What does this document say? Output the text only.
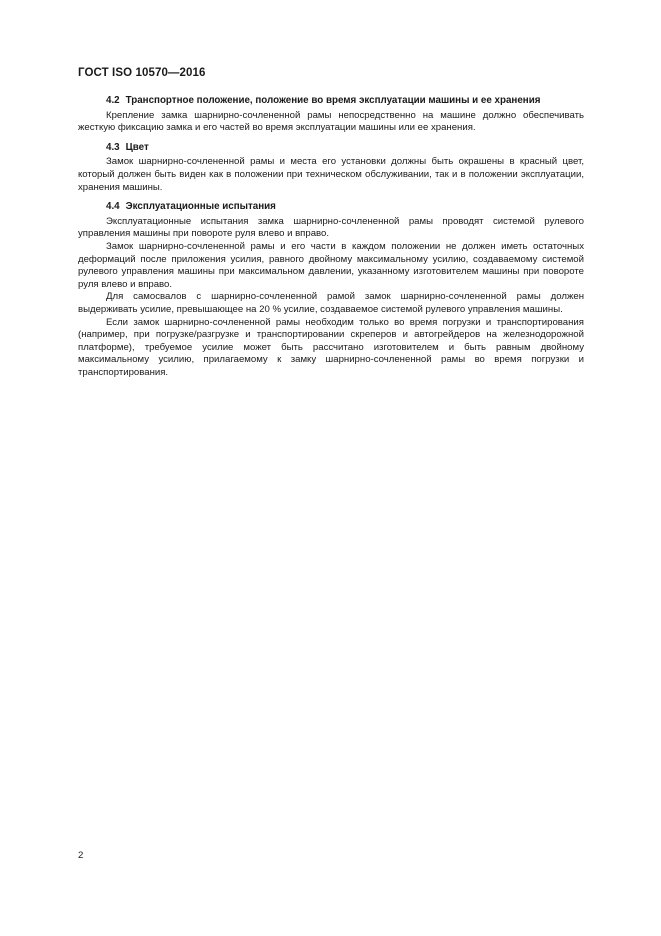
ГОСТ ISO 10570—2016

4.2 Транспортное положение, положение во время эксплуатации машины и ее хранения

Крепление замка шарнирно-сочлененной рамы непосредственно на машине должно обеспечивать жесткую фиксацию замка и его частей во время эксплуатации машины или ее хранения.

4.3 Цвет

Замок шарнирно-сочлененной рамы и места его установки должны быть окрашены в красный цвет, который должен быть виден как в положении при техническом обслуживании, так и в положении эксплуатации, хранения машины.

4.4 Эксплуатационные испытания

Эксплуатационные испытания замка шарнирно-сочлененной рамы проводят системой рулевого управления машины при повороте руля влево и вправо.

Замок шарнирно-сочлененной рамы и его части в каждом положении не должен иметь остаточных деформаций после приложения усилия, равного двойному максимальному усилию, создаваемому системой рулевого управления машины при максимальном давлении, указанному изготовителем машины при повороте руля влево и вправо.

Для самосвалов с шарнирно-сочлененной рамой замок шарнирно-сочлененной рамы должен выдерживать усилие, превышающее на 20 % усилие, создаваемое системой рулевого управления машины.

Если замок шарнирно-сочлененной рамы необходим только во время погрузки и транспортирования (например, при погрузке/разгрузке и транспортировании скреперов и автогрейдеров на железнодорожной платформе), требуемое усилие может быть рассчитано изготовителем и быть равным двойному максимальному усилию, прилагаемому к замку шарнирно-сочлененной рамы во время погрузки и транспортирования.

2
